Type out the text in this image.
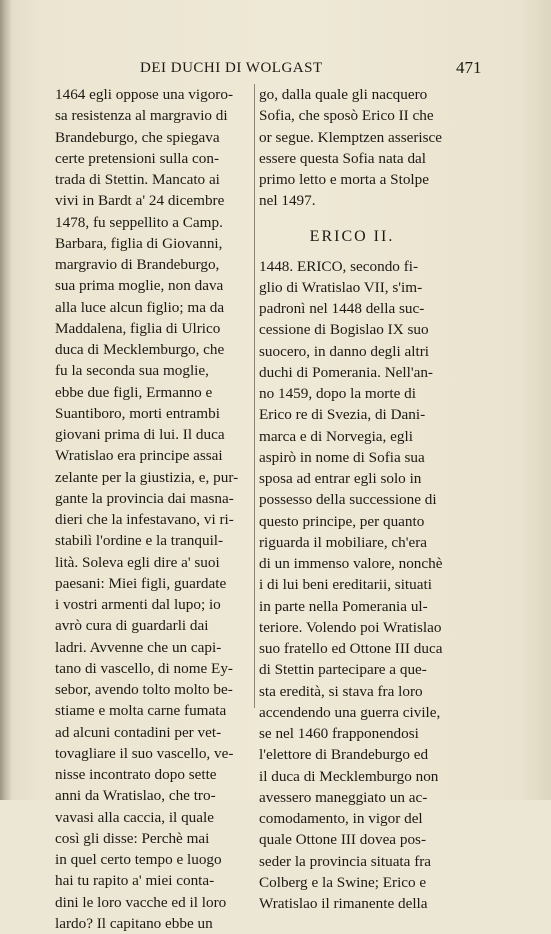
DEI DUCHI DI WOLGAST	471
1464 egli oppose una vigoro-
sa resistenza al margraviо di
Brandeburgo, che spiegava
certe pretensioni sulla con-
trada di Stettin. Mancato ai
vivi in Bardt a' 24 dicembre
1478, fu seppellito a Camp.
Barbara, figlia di Giovanni,
margravio di Brandeburgo,
sua prima moglie, non dava
alla luce alcun figlio; ma da
Maddalena, figlia di Ulrico
duca di Mecklemburgo, che
fu la seconda sua moglie,
ebbe due figli, Ermanno e
Suantiboro, morti entrambi
giovani prima di lui. Il duca
Wratislao era principe assai
zelante per la giustizia, e, pur-
gante la provincia dai masna-
dieri che la infestavano, vi ri-
stabilì l'ordine e la tranquil-
lità. Soleva egli dire a' suoi
paesani: Miei figli, guardate
i vostri armenti dal lupo; io
avrò cura di guardarli dai
ladri. Avvenne che un capi-
tano di vascello, di nome Ey-
sebor, avendo tolto molto be-
stiame e molta carne fumata
ad alcuni contadini per vet-
tovagliare il suo vascello, ve-
nisse incontrato dopo sette
anni da Wratislao, che tro-
vavasi alla caccia, il quale
così gli disse: Perchè mai
in quel certo tempo e luogo
hai tu rapito a' miei conta-
dini le loro vacche ed il loro
lardo? Il capitano ebbe un
go, dalla quale gli nacquero
Sofia, che sposò Erico II che
or segue. Klemptzen asserisce
essere questa Sofia nata dal
primo letto e morta a Stolpe
nel 1497.
ERICO II.
1448. ERICO, secondo fi-
glio di Wratislao VII, s'im-
padronì nel 1448 della suc-
cessione di Bogislao IX suo
suocero, in danno degli altri
duchi di Pomerania. Nell'an-
no 1459, dopo la morte di
Erico re di Svezia, di Dani-
marca e di Norvegia, egli
aspirò in nome di Sofia sua
sposa ad entrar egli solo in
possesso della successione di
questo principe, per quanto
riguarda il mobiliare, ch'era
di un immenso valore, nonchè
i di lui beni ereditarii, situati
in parte nella Pomerania ul-
teriore. Volendo poi Wratislao
suo fratello ed Ottone III duca
di Stettin partecipare a que-
sta eredità, si stava fra loro
accendendo una guerra civile,
se nel 1460 frapponendosi
l'elettore di Brandeburgo ed
il duca di Mecklemburgo non
avessero maneggiato un ac-
comodamento, in vigor del
quale Ottone III dovea pos-
seder la provincia situata fra
Colberg e la Swine; Erico e
Wratislao il rimanente della
